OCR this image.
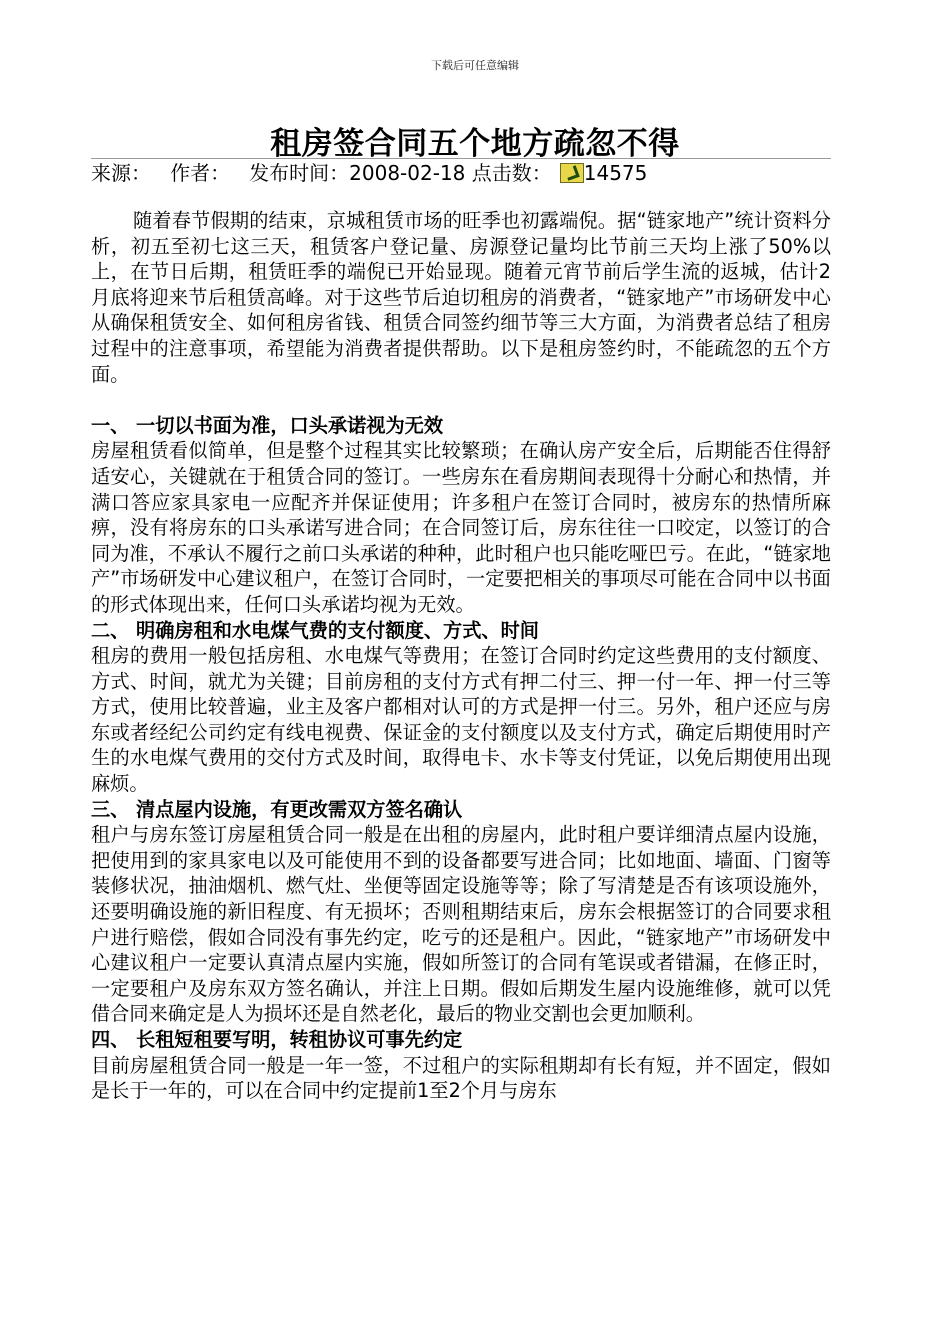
下载后可任意编辑
租房签合同五个地方疏忽不得
来源： 作者： 发布时间：2008-02-18 点击数： 14575

随着春节假期的结束，京城租赁市场的旺季也初露端倪。据“链家地产”统计资料分析，初五至初七这三天，租赁客户登记量、房源登记量均比节前三天均上涨了50%以上，在节日后期，租赁旺季的端倪已开始显现。随着元宵节前后学生流的返城，估计2月底将迎来节后租赁高峰。对于这些节后迫切租房的消费者，“链家地产”市场研发中心从确保租赁安全、如何租房省钱、租赁合同签约细节等三大方面，为消费者总结了租房过程中的注意事项，希望能为消费者提供帮助。以下是租房签约时，不能疏忽的五个方面。

一、 一切以书面为准，口头承诺视为无效

房屋租赁看似简单，但是整个过程其实比较繁琐；在确认房产安全后，后期能否住得舒适安心，关键就在于租赁合同的签订。一些房东在看房期间表现得十分耐心和热情，并满口答应家具家电一应配齐并保证使用；许多租户在签订合同时，被房东的热情所麻痹，没有将房东的口头承诺写进合同；在合同签订后，房东往往一口咬定，以签订的合同为准，不承认不履行之前口头承诺的种种，此时租户也只能吃哑巴亏。在此，“链家地产”市场研发中心建议租户，在签订合同时，一定要把相关的事项尽可能在合同中以书面的形式体现出来，任何口头承诺均视为无效。

二、 明确房租和水电煤气费的支付额度、方式、时间

租房的费用一般包括房租、水电煤气等费用；在签订合同时约定这些费用的支付额度、方式、时间，就尤为关键；目前房租的支付方式有押二付三、押一付一年、押一付三等方式，使用比较普遍，业主及客户都相对认可的方式是押一付三。另外，租户还应与房东或者经纪公司约定有线电视费、保证金的支付额度以及支付方式，确定后期使用时产生的水电煤气费用的交付方式及时间，取得电卡、水卡等支付凭证，以免后期使用出现麻烦。

三、 清点屋内设施，有更改需双方签名确认

租户与房东签订房屋租赁合同一般是在出租的房屋内，此时租户要详细清点屋内设施，把使用到的家具家电以及可能使用不到的设备都要写进合同；比如地面、墙面、门窗等装修状况，抽油烟机、燃气灶、坐便等固定设施等等；除了写清楚是否有该项设施外，还要明确设施的新旧程度、有无损坏；否则租期结束后，房东会根据签订的合同要求租户进行赔偿，假如合同没有事先约定，吃亏的还是租户。因此，“链家地产”市场研发中心建议租户一定要认真清点屋内实施，假如所签订的合同有笔误或者错漏，在修正时，一定要租户及房东双方签名确认，并注上日期。假如后期发生屋内设施维修，就可以凭借合同来确定是人为损坏还是自然老化，最后的物业交割也会更加顺利。

四、 长租短租要写明，转租协议可事先约定

目前房屋租赁合同一般是一年一签，不过租户的实际租期却有长有短，并不固定，假如是长于一年的，可以在合同中约定提前1至2个月与房东
